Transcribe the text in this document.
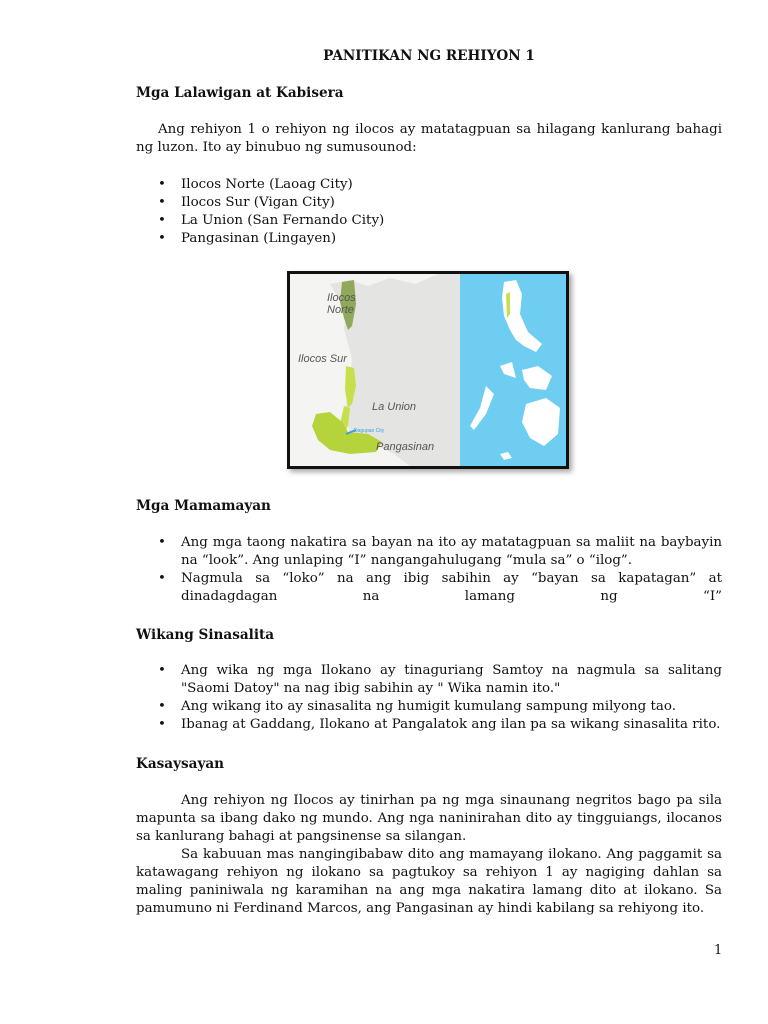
PANITIKAN NG REHIYON 1
Mga Lalawigan at Kabisera
Ang rehiyon 1 o rehiyon ng ilocos ay matatagpuan sa hilagang kanlurang bahagi ng luzon. Ito ay binubuo ng sumusounod:
• Ilocos Norte (Laoag City)
• Ilocos Sur (Vigan City)
• La Union (San Fernando City)
• Pangasinan (Lingayen)
Ilocos
Norte
Ilocos Sur
La Union
Dagupan City
Pangasinan
Mga Mamamayan
• Ang mga taong nakatira sa bayan na ito ay matatagpuan sa maliit na baybayin na “look”. Ang unlaping “I” nangangahulugang “mula sa” o “ilog”.
• Nagmula sa “loko” na ang ibig sabihin ay “bayan sa kapatagan” at dinadagdagan na lamang ng “I”
Wikang Sinasalita
• Ang wika ng mga Ilokano ay tinaguriang Samtoy na nagmula sa salitang "Saomi Datoy" na nag ibig sabihin ay " Wika namin ito."
• Ang wikang ito ay sinasalita ng humigit kumulang sampung milyong tao.
• Ibanag at Gaddang, Ilokano at Pangalatok ang ilan pa sa wikang sinasalita rito.
Kasaysayan
Ang rehiyon ng Ilocos ay tinirhan pa ng mga sinaunang negritos bago pa sila mapunta sa ibang dako ng mundo. Ang nga naninirahan dito ay tingguiangs, ilocanos sa kanlurang bahagi at pangsinense sa silangan.
Sa kabuuan mas nangingibabaw dito ang mamayang ilokano. Ang paggamit sa katawagang rehiyon ng ilokano sa pagtukoy sa rehiyon 1 ay nagiging dahlan sa maling paniniwala ng karamihan na ang mga nakatira lamang dito at ilokano. Sa pamumuno ni Ferdinand Marcos, ang Pangasinan ay hindi kabilang sa rehiyong ito.
1
